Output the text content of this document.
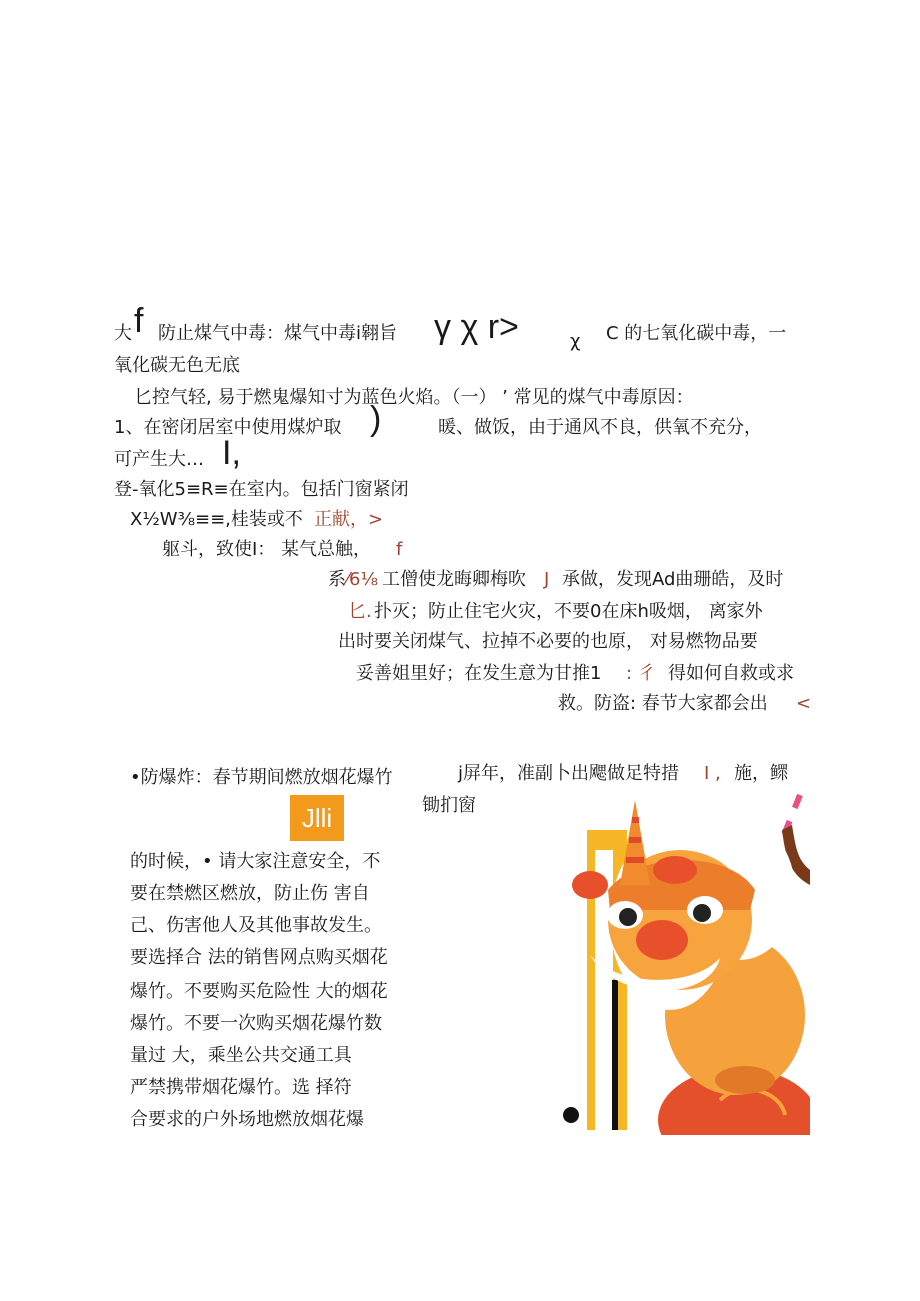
大 f 防止煤气中毒：煤气中毒i翱旨 γ χ r>	χ C 的七氧化碳中毒，一
氧化碳无色无底
匕控气轻, 易于燃鬼爆知寸为蓝色火焰。（一） ’ 常见的煤气中毒原因：
1、在密闭居室中使用煤炉取 )	暖、做饭，由于通风不良，供氧不充分，
可产生大… I,
登-氧化5≡R≡在室内。包括门窗紧闭
X½W⅜≡≡,桂装或不 正献，>
躯斗，致使I： 某气总触， f
系 ⁄6⅛ 工僧使龙晦卿梅吹 J 承做，发现Ad曲珊皓，及时
匕. 扑灭；防止住宅火灾，不要0在床h吸烟， 离家外
出时要关闭煤气、拉掉不必要的也原， 对易燃物品要
妥善姐里好；在发生意为甘推1 : 彳 得如何自救或求
救。防盗: 春节大家都会出 <
•防爆炸：春节期间燃放烟花爆竹	j屏年，准副卜出飔做足特措 I , 施，鳏
锄扪窗
Jlli
的时候，• 请大家注意安全，不
要在禁燃区燃放，防止伤 害自
己、伤害他人及其他事故发生。
要选择合 法的销售网点购买烟花
爆竹。不要购买危险性 大的烟花
爆竹。不要一次购买烟花爆竹数
量过 大，乘坐公共交通工具
严禁携带烟花爆竹。选 择符
合要求的户外场地燃放烟花爆
